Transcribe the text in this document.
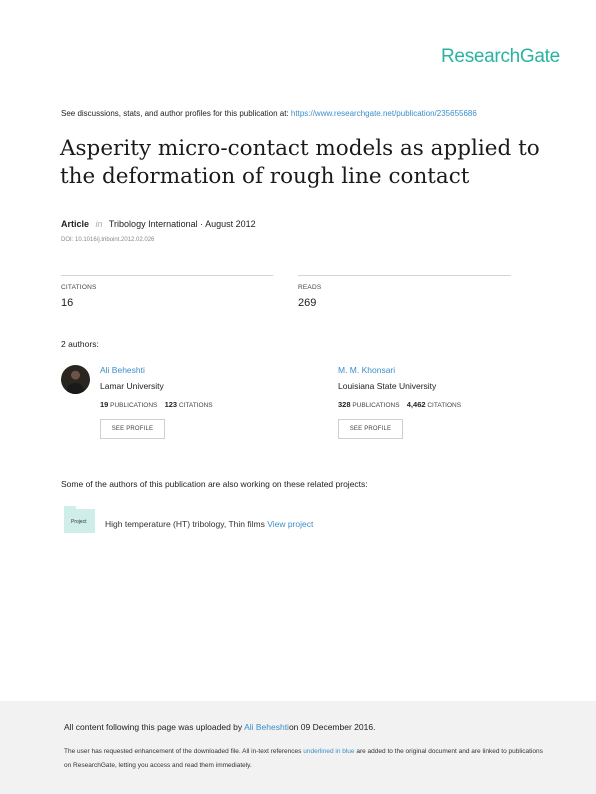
ResearchGate
See discussions, stats, and author profiles for this publication at: https://www.researchgate.net/publication/235655686
Asperity micro-contact models as applied to the deformation of rough line contact
Article in Tribology International · August 2012
DOI: 10.1016/j.triboint.2012.02.026
CITATIONS
16
READS
269
2 authors:
Ali Beheshti
Lamar University
19 PUBLICATIONS 123 CITATIONS
SEE PROFILE
M. M. Khonsari
Louisiana State University
328 PUBLICATIONS 4,462 CITATIONS
SEE PROFILE
Some of the authors of this publication are also working on these related projects:
Project High temperature (HT) tribology, Thin films View project
All content following this page was uploaded by Ali Beheshtion 09 December 2016.
The user has requested enhancement of the downloaded file. All in-text references underlined in blue are added to the original document and are linked to publications on ResearchGate, letting you access and read them immediately.
